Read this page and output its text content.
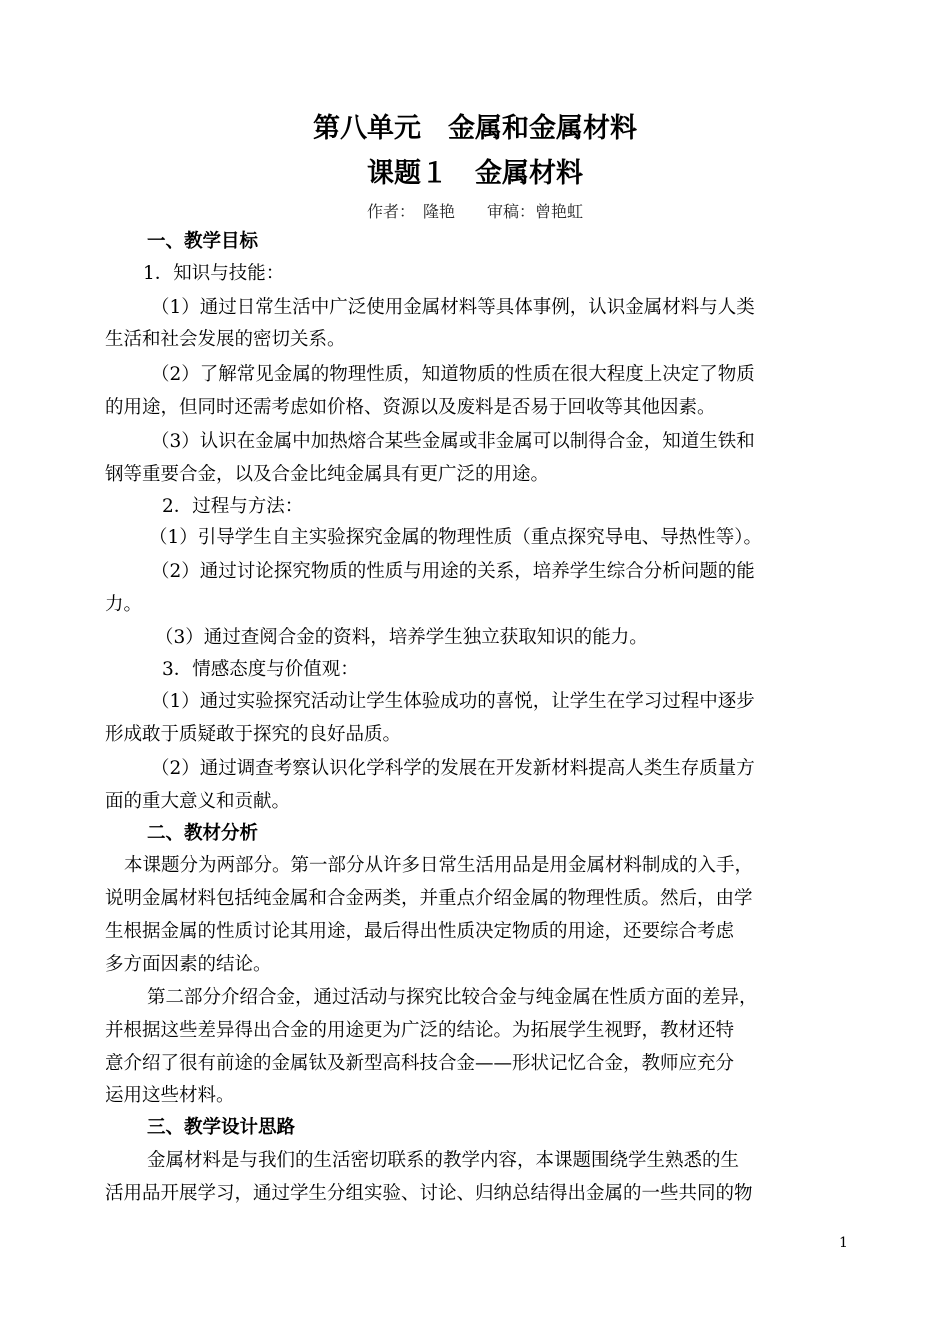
第八单元　金属和金属材料
课题１　金属材料
作者：　隆艳　　审稿：曾艳虹
一、教学目标
1．知识与技能：
（1）通过日常生活中广泛使用金属材料等具体事例，认识金属材料与人类
生活和社会发展的密切关系。
（2）了解常见金属的物理性质，知道物质的性质在很大程度上决定了物质
的用途，但同时还需考虑如价格、资源以及废料是否易于回收等其他因素。
（3）认识在金属中加热熔合某些金属或非金属可以制得合金，知道生铁和
钢等重要合金，以及合金比纯金属具有更广泛的用途。
2．过程与方法：
（1）引导学生自主实验探究金属的物理性质（重点探究导电、导热性等）。
（2）通过讨论探究物质的性质与用途的关系，培养学生综合分析问题的能
力。
（3）通过查阅合金的资料，培养学生独立获取知识的能力。
3．情感态度与价值观：
（1）通过实验探究活动让学生体验成功的喜悦，让学生在学习过程中逐步
形成敢于质疑敢于探究的良好品质。
（2）通过调查考察认识化学科学的发展在开发新材料提高人类生存质量方
面的重大意义和贡献。
二、教材分析
本课题分为两部分。第一部分从许多日常生活用品是用金属材料制成的入手，
说明金属材料包括纯金属和合金两类，并重点介绍金属的物理性质。然后，由学
生根据金属的性质讨论其用途，最后得出性质决定物质的用途，还要综合考虑
多方面因素的结论。
第二部分介绍合金，通过活动与探究比较合金与纯金属在性质方面的差异，
并根据这些差异得出合金的用途更为广泛的结论。为拓展学生视野，教材还特
意介绍了很有前途的金属钛及新型高科技合金——形状记忆合金，教师应充分
运用这些材料。
三、教学设计思路
金属材料是与我们的生活密切联系的教学内容，本课题围绕学生熟悉的生
活用品开展学习，通过学生分组实验、讨论、归纳总结得出金属的一些共同的物
1
